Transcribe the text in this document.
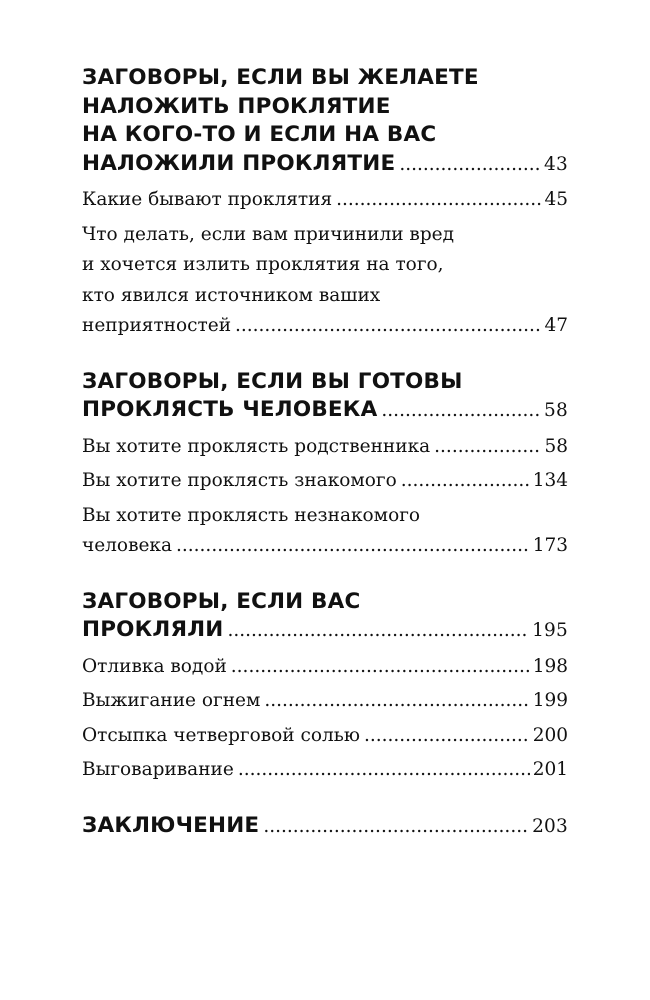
ЗАГОВОРЫ, ЕСЛИ ВЫ ЖЕЛАЕТЕ
НАЛОЖИТЬ ПРОКЛЯТИЕ
НА КОГО-ТО И ЕСЛИ НА ВАС
НАЛОЖИЛИ ПРОКЛЯТИЕ .....	43
Какие бывают проклятия .....	45
Что делать, если вам причинили вред
и хочется излить проклятия на того,
кто явился источником ваших
неприятностей .....	47
ЗАГОВОРЫ, ЕСЛИ ВЫ ГОТОВЫ
ПРОКЛЯСТЬ ЧЕЛОВЕКА .....	58
Вы хотите проклясть родственника .....	58
Вы хотите проклясть знакомого .....	134
Вы хотите проклясть незнакомого
человека .....	173
ЗАГОВОРЫ, ЕСЛИ ВАС
ПРОКЛЯЛИ .....	195
Отливка водой .....	198
Выжигание огнем .....	199
Отсыпка четверговой солью .....	200
Выговаривание .....	201
ЗАКЛЮЧЕНИЕ .....	203
